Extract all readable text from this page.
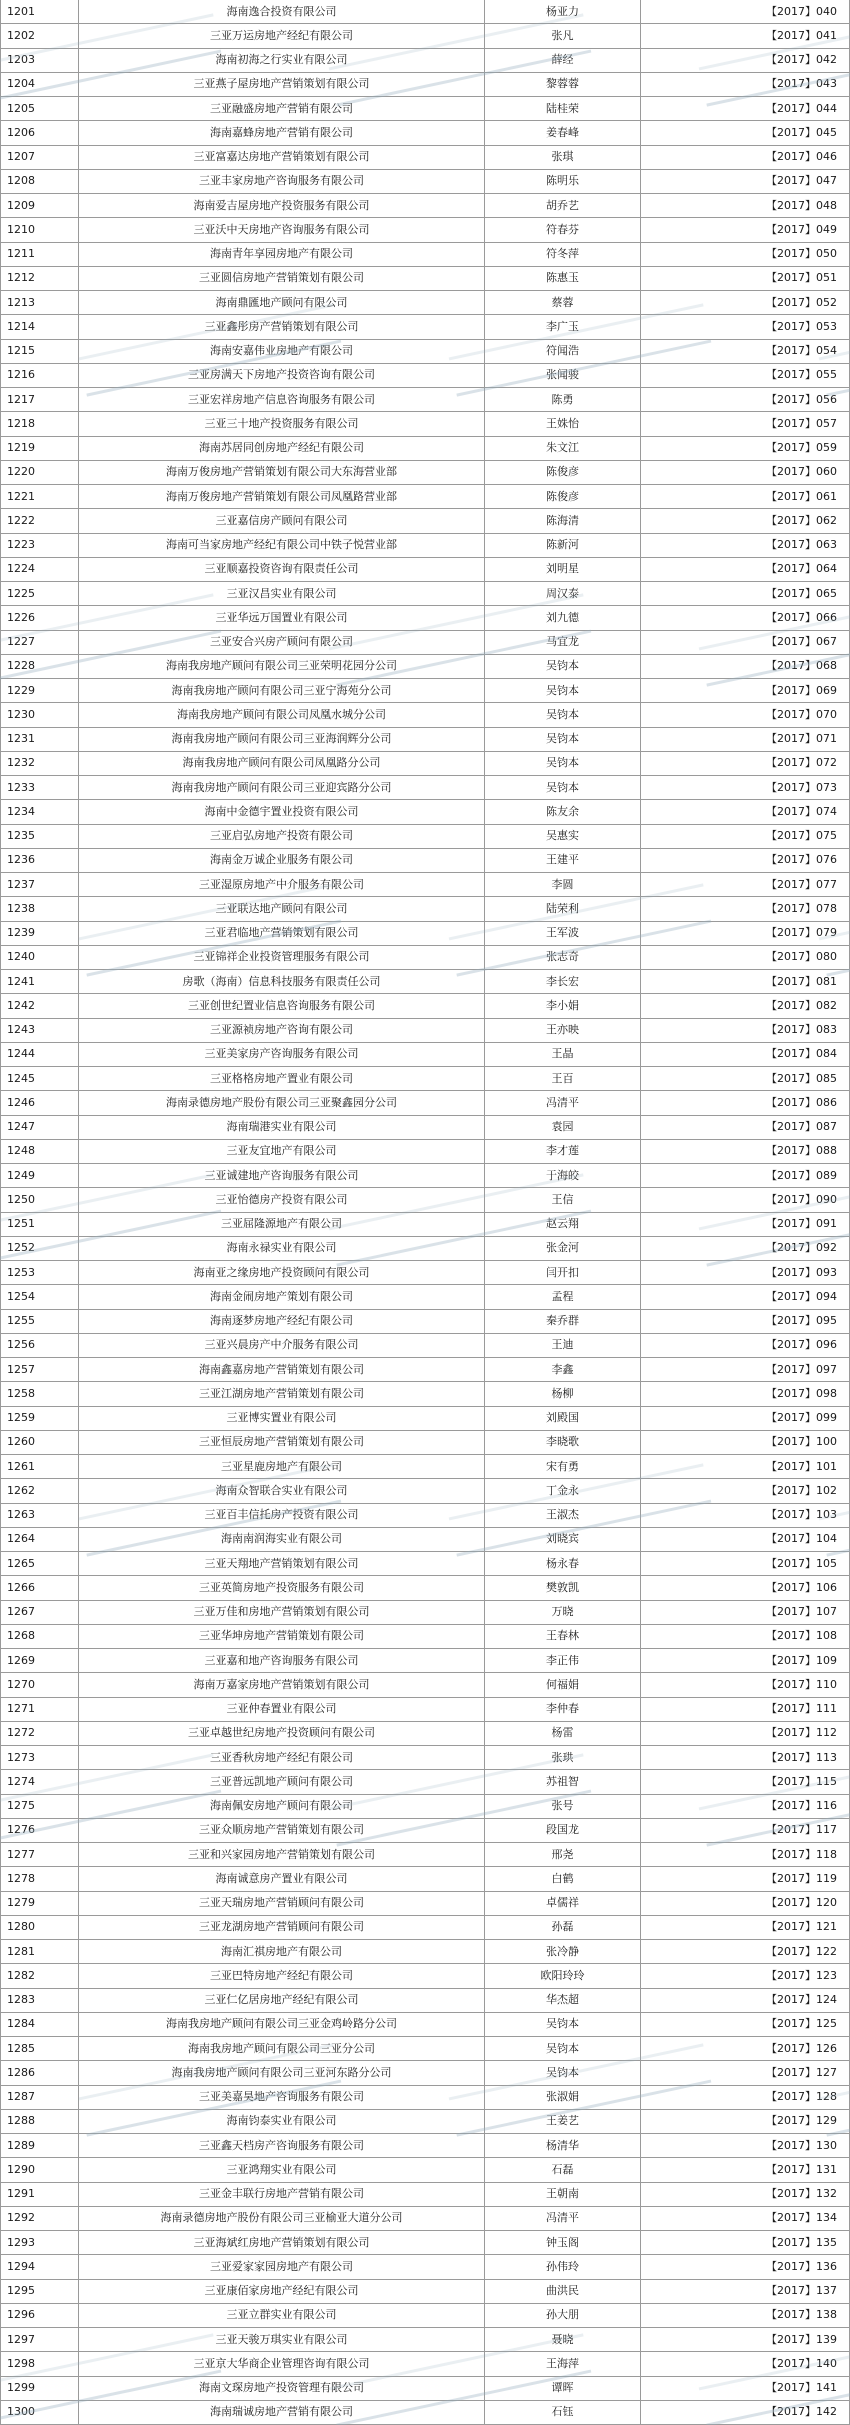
1201	海南逸合投资有限公司	杨亚力	【2017】040
1202	三亚万运房地产经纪有限公司	张凡	【2017】041
1203	海南初海之行实业有限公司	薛经	【2017】042
1204	三亚燕子屋房地产营销策划有限公司	黎蓉蓉	【2017】043
1205	三亚融盛房地产营销有限公司	陆桂荣	【2017】044
1206	海南嘉蜂房地产营销有限公司	姜春峰	【2017】045
1207	三亚富嘉达房地产营销策划有限公司	张琪	【2017】046
1208	三亚丰家房地产咨询服务有限公司	陈明乐	【2017】047
1209	海南爱吉屋房地产投资服务有限公司	胡乔艺	【2017】048
1210	三亚沃中天房地产咨询服务有限公司	符春芬	【2017】049
1211	海南青年享园房地产有限公司	符冬萍	【2017】050
1212	三亚圆信房地产营销策划有限公司	陈惠玉	【2017】051
1213	海南鼎匯地产顾问有限公司	蔡蓉	【2017】052
1214	三亚鑫彤房产营销策划有限公司	李广玉	【2017】053
1215	海南安嘉伟业房地产有限公司	符闻浩	【2017】054
1216	三亚房满天下房地产投资咨询有限公司	张闻骏	【2017】055
1217	三亚宏祥房地产信息咨询服务有限公司	陈勇	【2017】056
1218	三亚三十地产投资服务有限公司	王姝怡	【2017】057
1219	海南苏居同创房地产经纪有限公司	朱文江	【2017】059
1220	海南万俊房地产营销策划有限公司大东海营业部	陈俊彦	【2017】060
1221	海南万俊房地产营销策划有限公司凤凰路营业部	陈俊彦	【2017】061
1222	三亚嘉信房产顾问有限公司	陈海清	【2017】062
1223	海南可当家房地产经纪有限公司中铁子悦营业部	陈新河	【2017】063
1224	三亚顺嘉投资咨询有限责任公司	刘明星	【2017】064
1225	三亚汉昌实业有限公司	周汉泰	【2017】065
1226	三亚华远万国置业有限公司	刘九德	【2017】066
1227	三亚安合兴房产顾问有限公司	马宜龙	【2017】067
1228	海南我房地产顾问有限公司三亚荣明花园分公司	吴钧本	【2017】068
1229	海南我房地产顾问有限公司三亚宁海苑分公司	吴钧本	【2017】069
1230	海南我房地产顾问有限公司凤凰水城分公司	吴钧本	【2017】070
1231	海南我房地产顾问有限公司三亚海润辉分公司	吴钧本	【2017】071
1232	海南我房地产顾问有限公司凤凰路分公司	吴钧本	【2017】072
1233	海南我房地产顾问有限公司三亚迎宾路分公司	吴钧本	【2017】073
1234	海南中金德宇置业投资有限公司	陈友余	【2017】074
1235	三亚启弘房地产投资有限公司	吴惠实	【2017】075
1236	海南金万诚企业服务有限公司	王建平	【2017】076
1237	三亚湿原房地产中介服务有限公司	李圆	【2017】077
1238	三亚联达地产顾问有限公司	陆荣利	【2017】078
1239	三亚君临地产营销策划有限公司	王军波	【2017】079
1240	三亚锦祥企业投资管理服务有限公司	张志奇	【2017】080
1241	房歌（海南）信息科技服务有限责任公司	李长宏	【2017】081
1242	三亚创世纪置业信息咨询服务有限公司	李小娟	【2017】082
1243	三亚源祯房地产咨询有限公司	王亦映	【2017】083
1244	三亚美家房产咨询服务有限公司	王晶	【2017】084
1245	三亚格格房地产置业有限公司	王百	【2017】085
1246	海南录德房地产股份有限公司三亚聚鑫园分公司	冯清平	【2017】086
1247	海南瑞港实业有限公司	袁园	【2017】087
1248	三亚友宜地产有限公司	李才莲	【2017】088
1249	三亚诚建地产咨询服务有限公司	于海皎	【2017】089
1250	三亚怡德房产投资有限公司	王信	【2017】090
1251	三亚屈隆源地产有限公司	赵云翔	【2017】091
1252	海南永禄实业有限公司	张金河	【2017】092
1253	海南亚之缘房地产投资顾问有限公司	闫开扣	【2017】093
1254	海南金闹房地产策划有限公司	孟程	【2017】094
1255	海南逐梦房地产经纪有限公司	秦乔群	【2017】095
1256	三亚兴晨房产中介服务有限公司	王迪	【2017】096
1257	海南鑫嘉房地产营销策划有限公司	李鑫	【2017】097
1258	三亚江湖房地产营销策划有限公司	杨柳	【2017】098
1259	三亚博实置业有限公司	刘殿国	【2017】099
1260	三亚恒辰房地产营销策划有限公司	李晓歌	【2017】100
1261	三亚星鹿房地产有限公司	宋有勇	【2017】101
1262	海南众智联合实业有限公司	丁金永	【2017】102
1263	三亚百丰信托房产投资有限公司	王淑杰	【2017】103
1264	海南南润海实业有限公司	刘晓宾	【2017】104
1265	三亚天翔地产营销策划有限公司	杨永春	【2017】105
1266	三亚英简房地产投资服务有限公司	樊敦凯	【2017】106
1267	三亚万佳和房地产营销策划有限公司	万晓	【2017】107
1268	三亚华坤房地产营销策划有限公司	王春林	【2017】108
1269	三亚嘉和地产咨询服务有限公司	李正伟	【2017】109
1270	海南万嘉家房地产营销策划有限公司	何福娟	【2017】110
1271	三亚仲春置业有限公司	李仲春	【2017】111
1272	三亚卓越世纪房地产投资顾问有限公司	杨雷	【2017】112
1273	三亚香秋房地产经纪有限公司	张珙	【2017】113
1274	三亚普远凯地产顾问有限公司	苏祖智	【2017】115
1275	海南佩安房地产顾问有限公司	张号	【2017】116
1276	三亚众顺房地产营销策划有限公司	段国龙	【2017】117
1277	三亚和兴家园房地产营销策划有限公司	邢尧	【2017】118
1278	海南诚意房产置业有限公司	白鹤	【2017】119
1279	三亚天瑞房地产营销顾问有限公司	卓儒祥	【2017】120
1280	三亚龙湖房地产营销顾问有限公司	孙磊	【2017】121
1281	海南汇祺房地产有限公司	张冷静	【2017】122
1282	三亚巴特房地产经纪有限公司	欧阳玲玲	【2017】123
1283	三亚仁亿居房地产经纪有限公司	华杰超	【2017】124
1284	海南我房地产顾问有限公司三亚金鸡岭路分公司	吴钧本	【2017】125
1285	海南我房地产顾问有限公司三亚分公司	吴钧本	【2017】126
1286	海南我房地产顾问有限公司三亚河东路分公司	吴钧本	【2017】127
1287	三亚美嘉昊地产咨询服务有限公司	张淑娟	【2017】128
1288	海南钧泰实业有限公司	王姜艺	【2017】129
1289	三亚鑫天档房产咨询服务有限公司	杨清华	【2017】130
1290	三亚鸿翔实业有限公司	石磊	【2017】131
1291	三亚金丰联行房地产营销有限公司	王朝南	【2017】132
1292	海南录德房地产股份有限公司三亚榆亚大道分公司	冯清平	【2017】134
1293	三亚海斌红房地产营销策划有限公司	钟玉阁	【2017】135
1294	三亚爱家家园房地产有限公司	孙伟玲	【2017】136
1295	三亚康佰家房地产经纪有限公司	曲洪民	【2017】137
1296	三亚立群实业有限公司	孙大朋	【2017】138
1297	三亚天骏万琪实业有限公司	聂晓	【2017】139
1298	三亚京大华商企业管理咨询有限公司	王海萍	【2017】140
1299	海南文琛房地产投资管理有限公司	谭晖	【2017】141
1300	海南瑞诚房地产营销有限公司	石钰	【2017】142
